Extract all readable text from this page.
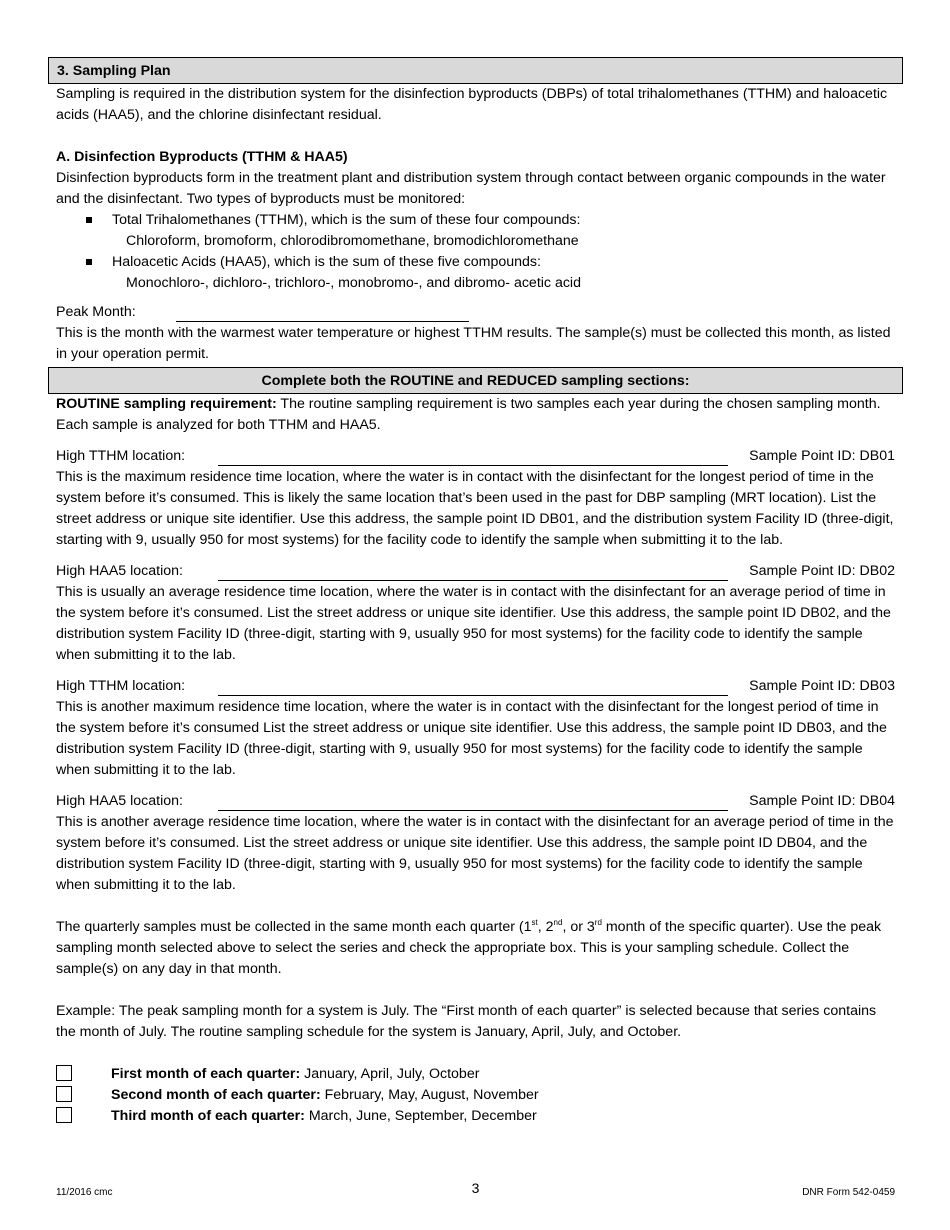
3. Sampling Plan

Sampling is required in the distribution system for the disinfection byproducts (DBPs) of total trihalomethanes (TTHM) and haloacetic acids (HAA5), and the chlorine disinfectant residual.

A. Disinfection Byproducts (TTHM & HAA5)

Disinfection byproducts form in the treatment plant and distribution system through contact between organic compounds in the water and the disinfectant. Two types of byproducts must be monitored:

Total Trihalomethanes (TTHM), which is the sum of these four compounds:
Chloroform, bromoform, chlorodibromomethane, bromodichloromethane
Haloacetic Acids (HAA5), which is the sum of these five compounds:
Monochloro-, dichloro-, trichloro-, monobromo-, and dibromo- acetic acid
Peak Month:

This is the month with the warmest water temperature or highest TTHM results. The sample(s) must be collected this month, as listed in your operation permit.

Complete both the ROUTINE and REDUCED sampling sections:

ROUTINE sampling requirement: The routine sampling requirement is two samples each year during the chosen sampling month. Each sample is analyzed for both TTHM and HAA5.

High TTHM location:	Sample Point ID: DB01

This is the maximum residence time location, where the water is in contact with the disinfectant for the longest period of time in the system before it’s consumed. This is likely the same location that’s been used in the past for DBP sampling (MRT location). List the street address or unique site identifier. Use this address, the sample point ID DB01, and the distribution system Facility ID (three-digit, starting with 9, usually 950 for most systems) for the facility code to identify the sample when submitting it to the lab.

High HAA5 location:	Sample Point ID: DB02

This is usually an average residence time location, where the water is in contact with the disinfectant for an average period of time in the system before it’s consumed. List the street address or unique site identifier. Use this address, the sample point ID DB02, and the distribution system Facility ID (three-digit, starting with 9, usually 950 for most systems) for the facility code to identify the sample when submitting it to the lab.

High TTHM location:	Sample Point ID: DB03

This is another maximum residence time location, where the water is in contact with the disinfectant for the longest period of time in the system before it’s consumed List the street address or unique site identifier. Use this address, the sample point ID DB03, and the distribution system Facility ID (three-digit, starting with 9, usually 950 for most systems) for the facility code to identify the sample when submitting it to the lab.

High HAA5 location:	Sample Point ID: DB04

This is another average residence time location, where the water is in contact with the disinfectant for an average period of time in the system before it’s consumed. List the street address or unique site identifier. Use this address, the sample point ID DB04, and the distribution system Facility ID (three-digit, starting with 9, usually 950 for most systems) for the facility code to identify the sample when submitting it to the lab.

The quarterly samples must be collected in the same month each quarter (1st, 2nd, or 3rd month of the specific quarter). Use the peak sampling month selected above to select the series and check the appropriate box. This is your sampling schedule. Collect the sample(s) on any day in that month.

Example: The peak sampling month for a system is July. The “First month of each quarter” is selected because that series contains the month of July. The routine sampling schedule for the system is January, April, July, and October.

First month of each quarter: January, April, July, October
Second month of each quarter: February, May, August, November
Third month of each quarter: March, June, September, December
11/2016 cmc	3	DNR Form 542-0459
